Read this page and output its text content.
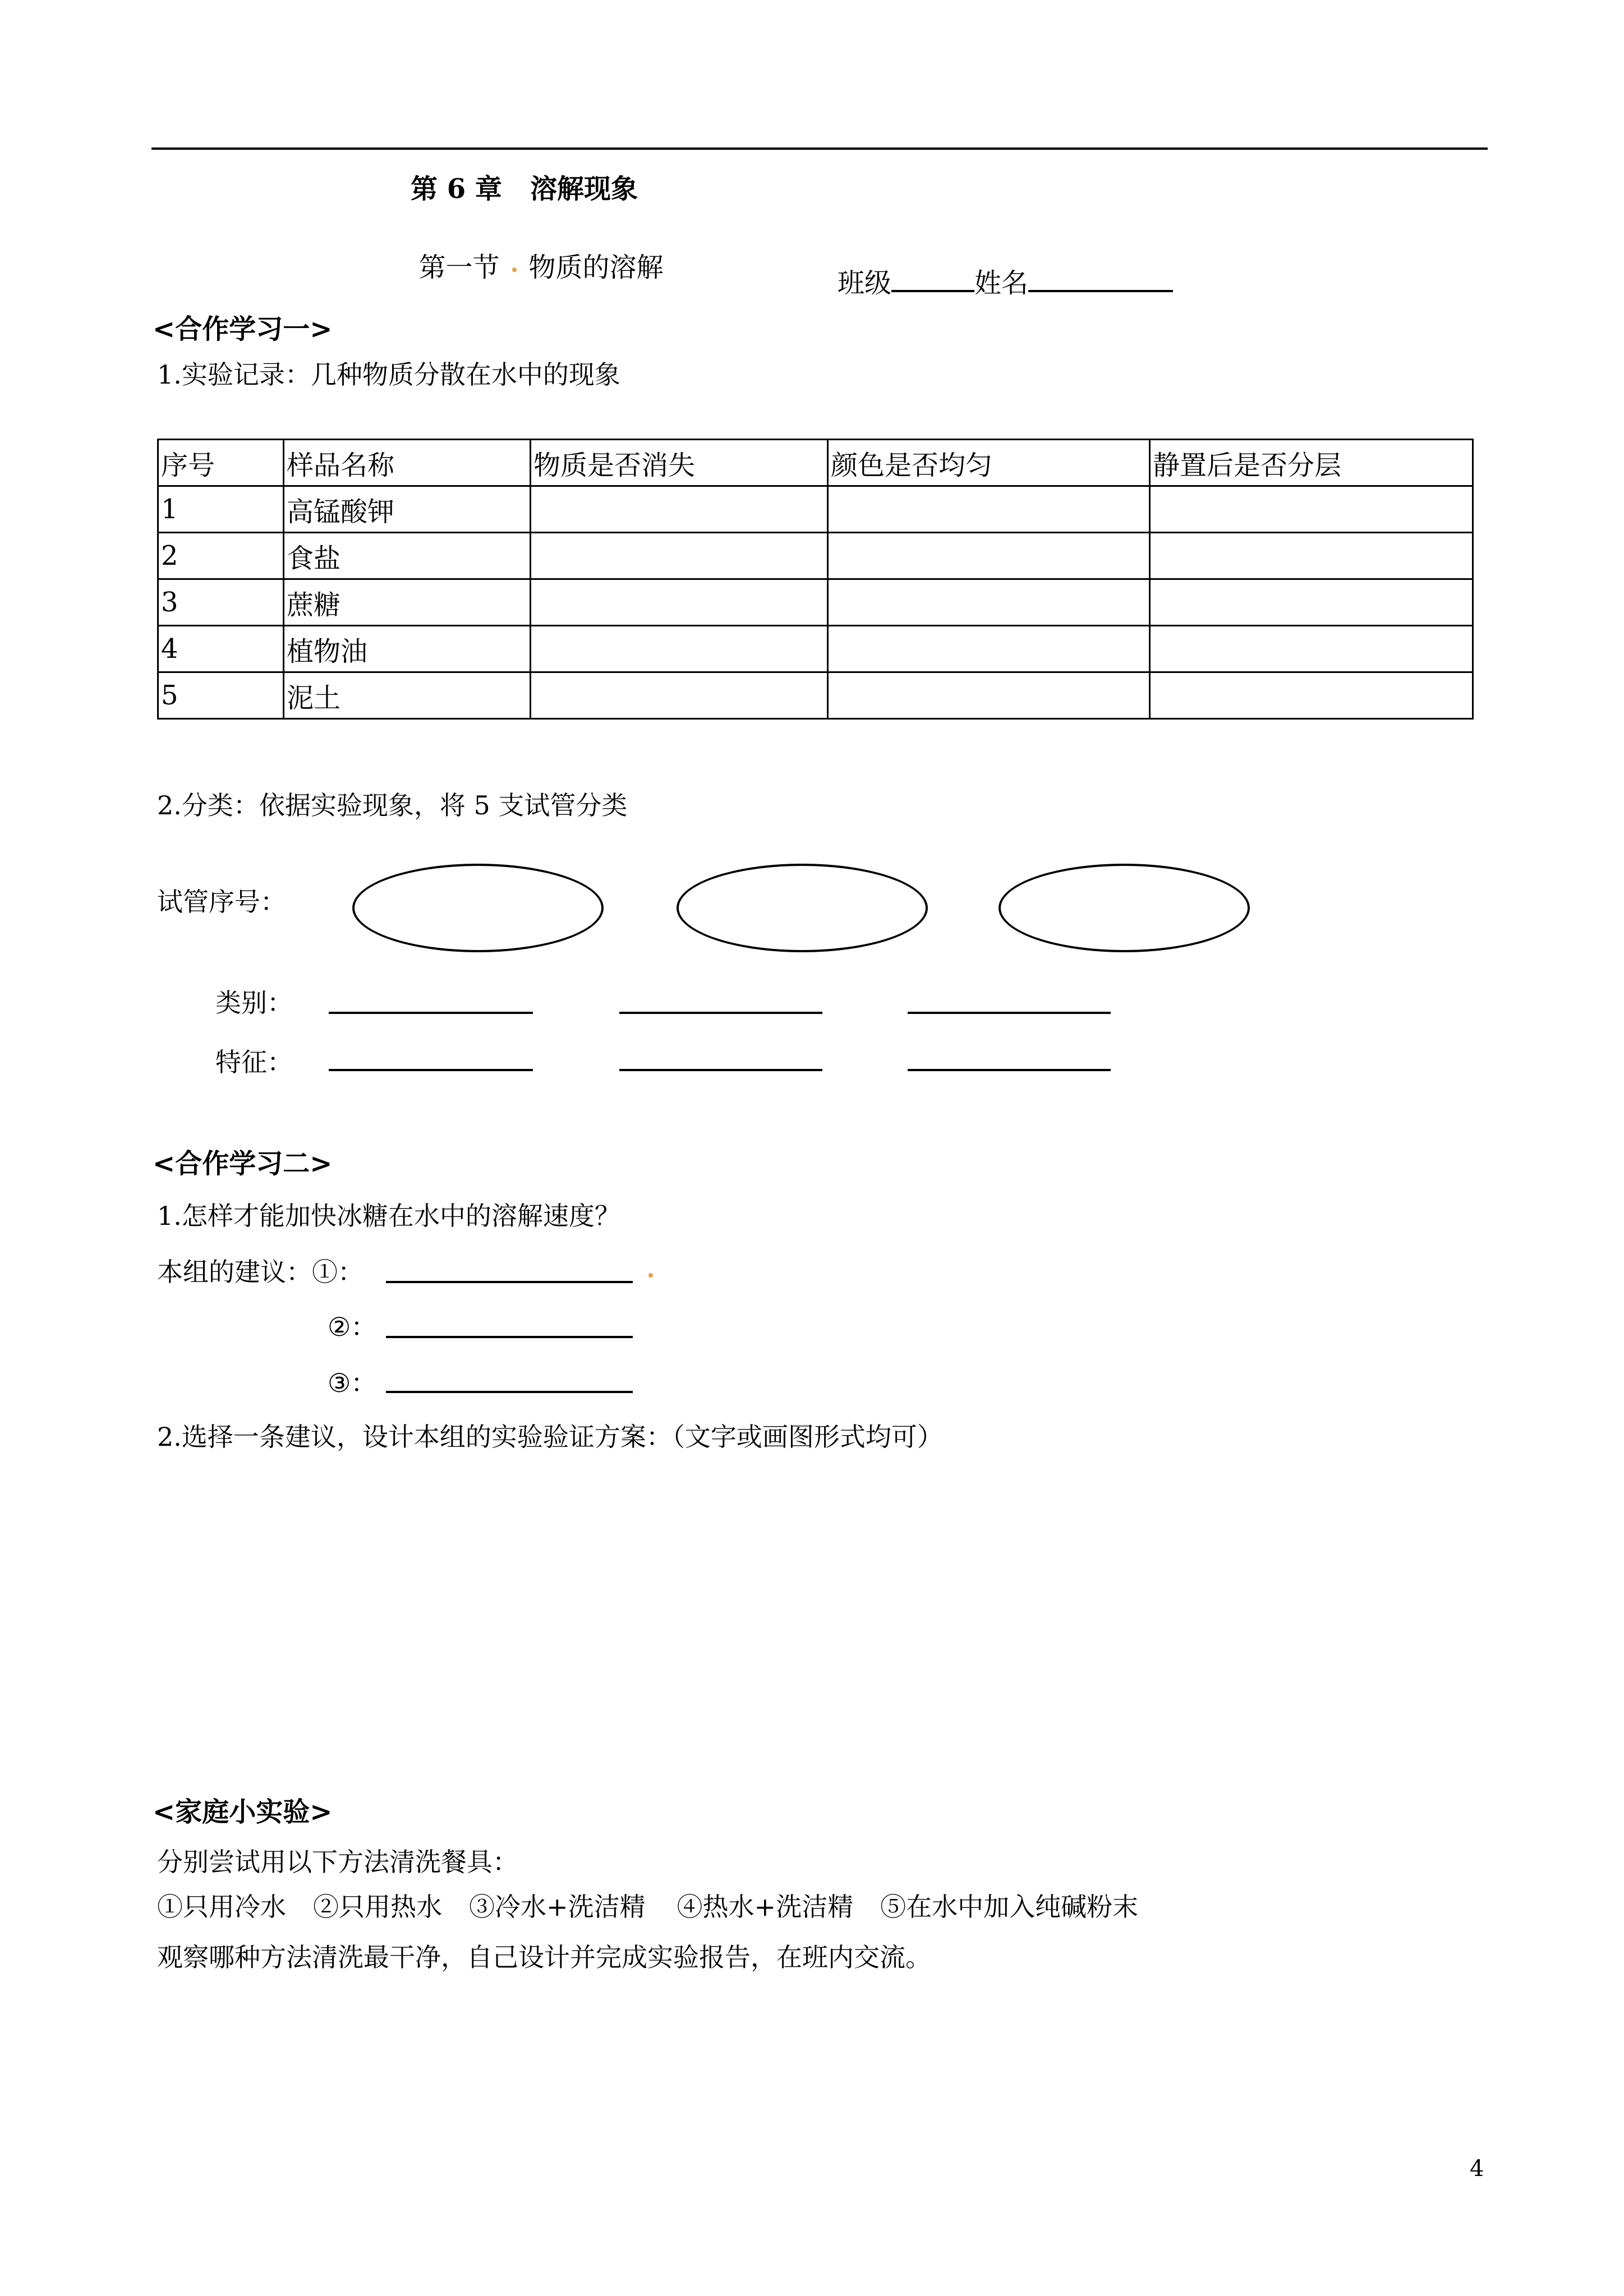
第 6 章   溶解现象

第一节 物质的溶解	班级	姓名
<合作学习一>
1.实验记录：几种物质分散在水中的现象
序号	样品名称	物质是否消失	颜色是否均匀	静置后是否分层
1	高锰酸钾			
2	食盐			
3	蔗糖			
4	植物油			
5	泥土			
2.分类：依据实验现象，将 5 支试管分类
试管序号：
类别：
特征：
<合作学习二>
1.怎样才能加快冰糖在水中的溶解速度？
本组的建议：①：
②：
③：
2.选择一条建议，设计本组的实验验证方案：（文字或画图形式均可）
<家庭小实验>
分别尝试用以下方法清洗餐具：
①只用冷水 ②只用热水 ③冷水+洗洁精 ④热水+洗洁精 ⑤在水中加入纯碱粉末
观察哪种方法清洗最干净，自己设计并完成实验报告，在班内交流。
4
